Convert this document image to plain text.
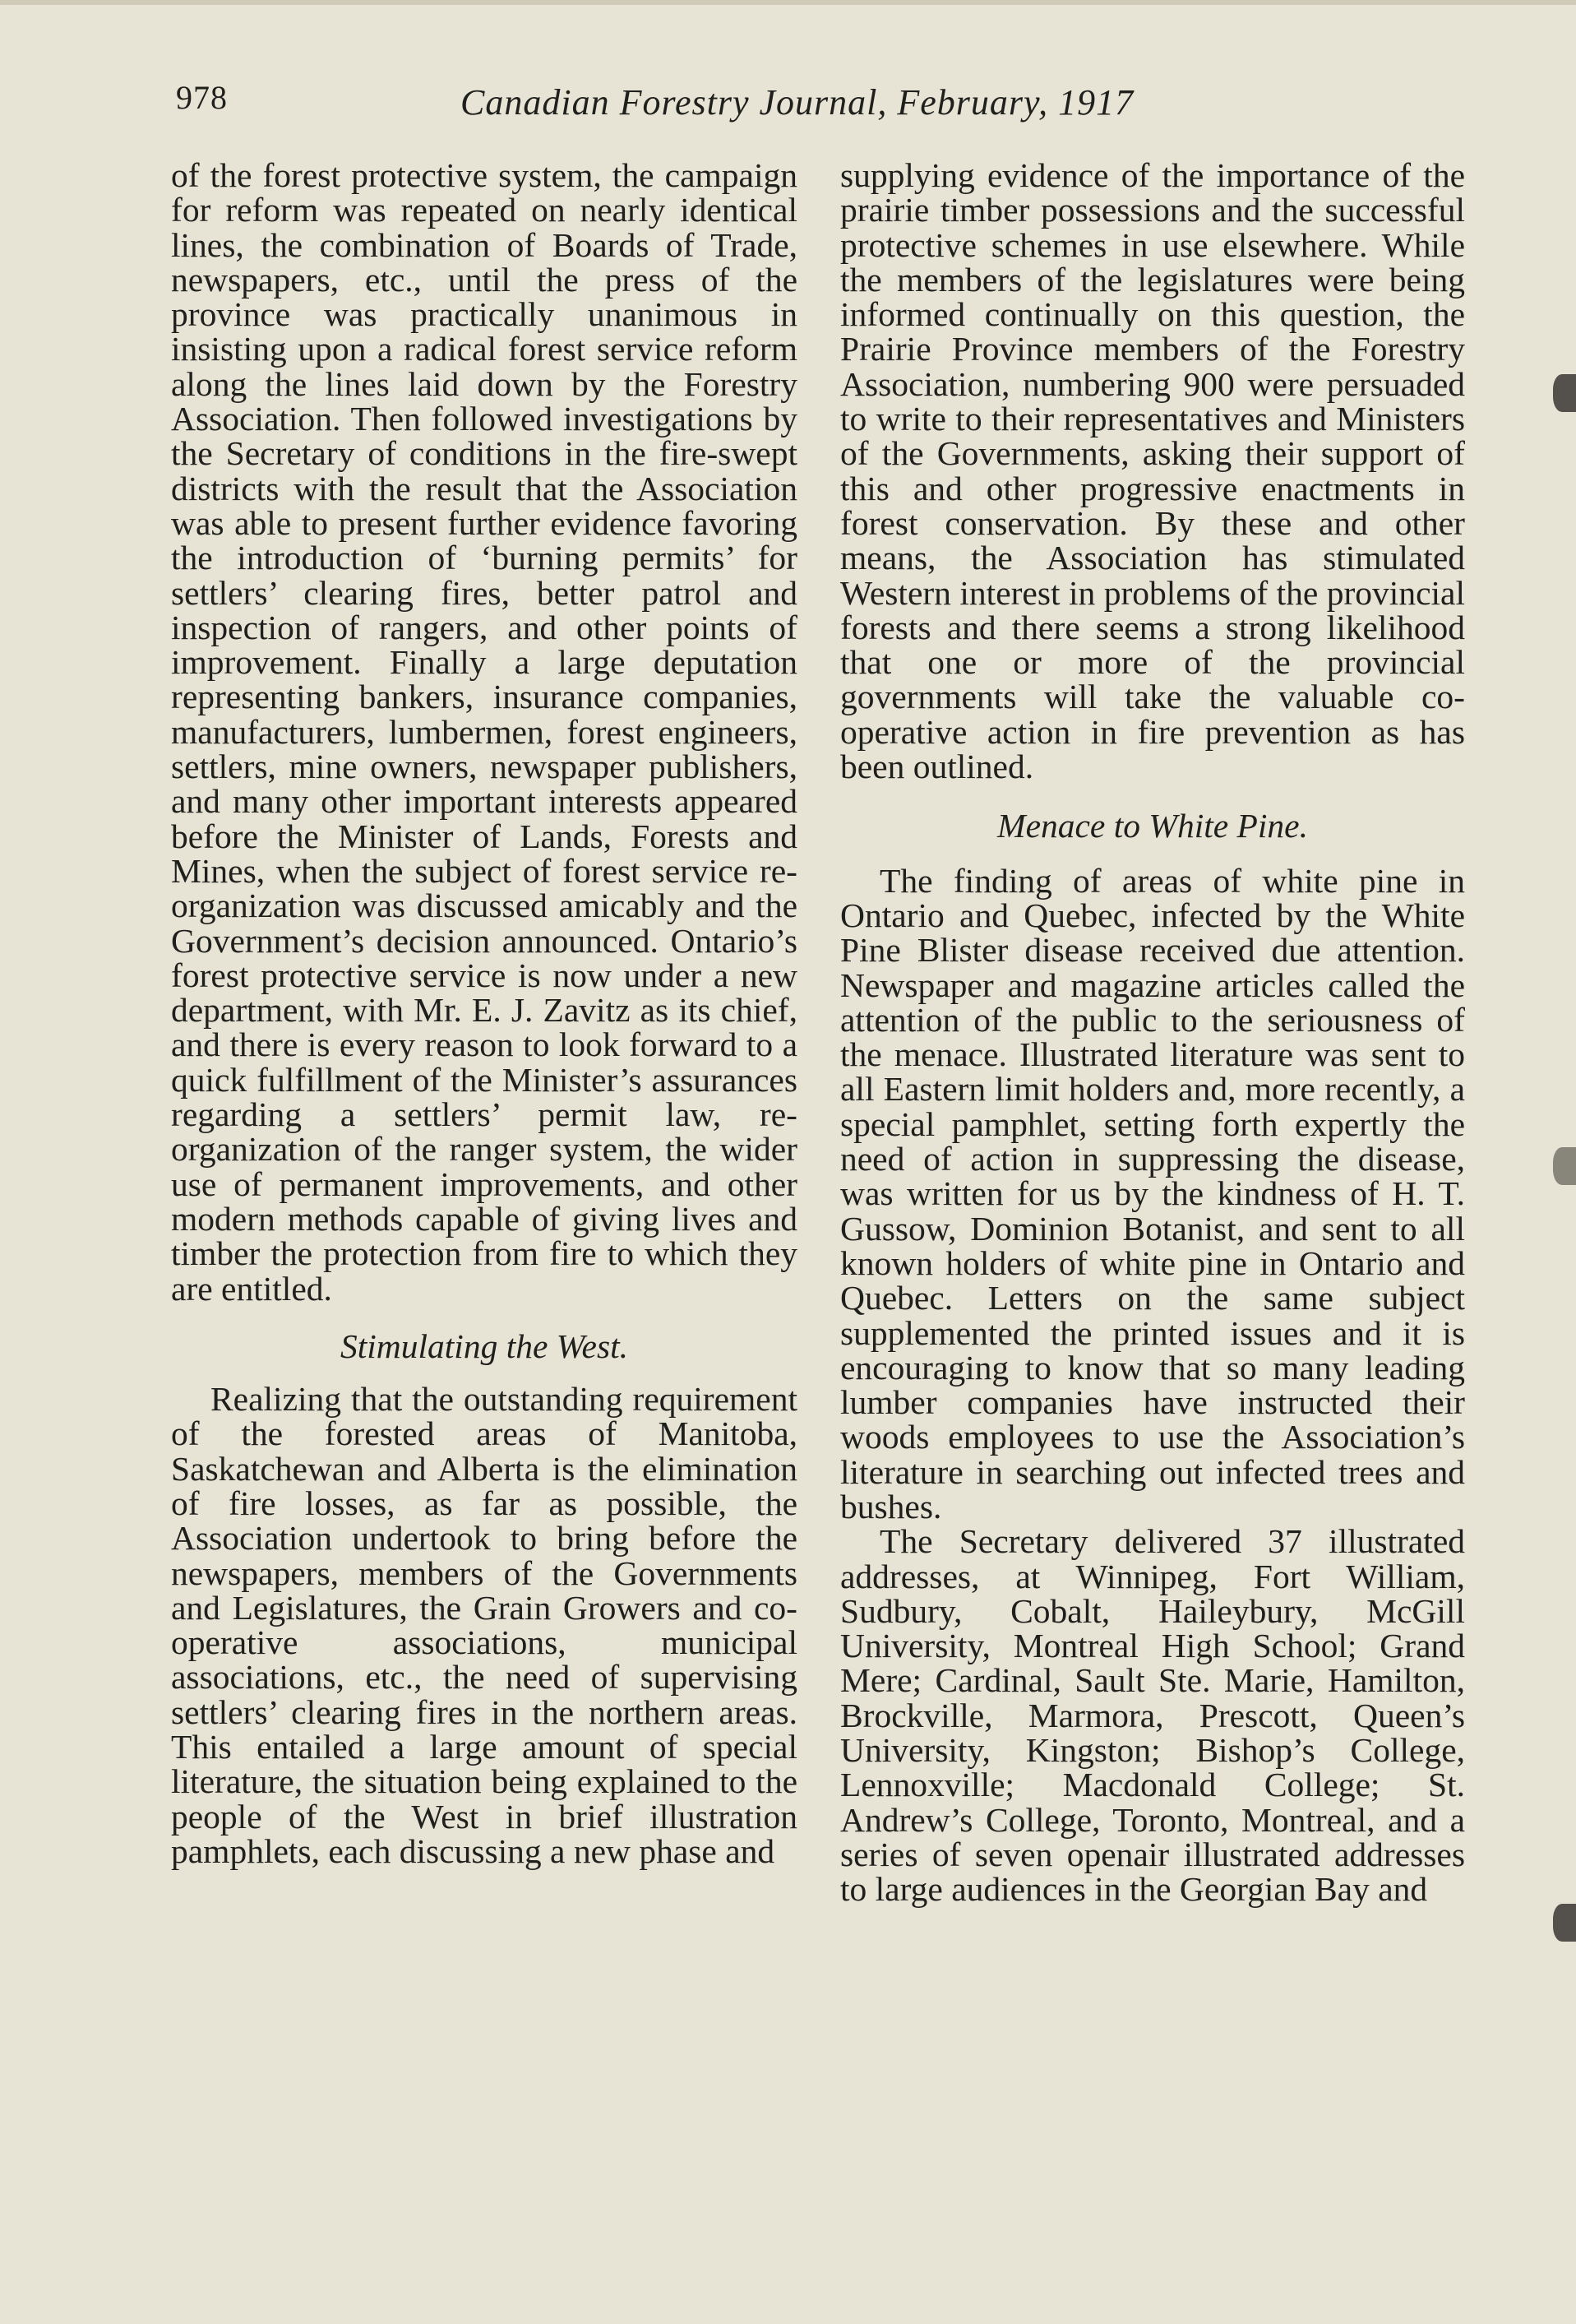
978	Canadian Forestry Journal, February, 1917

of the forest protective system, the campaign for reform was repeated on nearly identical lines, the combination of Boards of Trade, newspapers, etc., until the press of the province was practically unanimous in insisting upon a radical forest service reform along the lines laid down by the Forestry Association. Then followed investigations by the Secretary of conditions in the fire-swept districts with the result that the Association was able to present further evidence favoring the introduction of ‘burning permits’ for settlers’ clearing fires, better patrol and inspection of rangers, and other points of improvement. Finally a large deputation representing bankers, insurance companies, manufacturers, lumbermen, forest engineers, settlers, mine owners, newspaper publishers, and many other important interests appeared before the Minister of Lands, Forests and Mines, when the subject of forest service re-organization was discussed amicably and the Government’s decision announced. Ontario’s forest protective service is now under a new department, with Mr. E. J. Zavitz as its chief, and there is every reason to look forward to a quick fulfillment of the Minister’s assurances regarding a settlers’ permit law, re-organization of the ranger system, the wider use of permanent improvements, and other modern methods capable of giving lives and timber the protection from fire to which they are entitled.

Stimulating the West.

Realizing that the outstanding requirement of the forested areas of Manitoba, Saskatchewan and Alberta is the elimination of fire losses, as far as possible, the Association undertook to bring before the newspapers, members of the Governments and Legislatures, the Grain Growers and co-operative associations, municipal associations, etc., the need of supervising settlers’ clearing fires in the northern areas. This entailed a large amount of special literature, the situation being explained to the people of the West in brief illustration pamphlets, each discussing a new phase and

supplying evidence of the importance of the prairie timber possessions and the successful protective schemes in use elsewhere. While the members of the legislatures were being informed continually on this question, the Prairie Province members of the Forestry Association, numbering 900 were persuaded to write to their representatives and Ministers of the Governments, asking their support of this and other progressive enactments in forest conservation. By these and other means, the Association has stimulated Western interest in problems of the provincial forests and there seems a strong likelihood that one or more of the provincial governments will take the valuable co-operative action in fire prevention as has been outlined.

Menace to White Pine.

The finding of areas of white pine in Ontario and Quebec, infected by the White Pine Blister disease received due attention. Newspaper and magazine articles called the attention of the public to the seriousness of the menace. Illustrated literature was sent to all Eastern limit holders and, more recently, a special pamphlet, setting forth expertly the need of action in suppressing the disease, was written for us by the kindness of H. T. Gussow, Dominion Botanist, and sent to all known holders of white pine in Ontario and Quebec. Letters on the same subject supplemented the printed issues and it is encouraging to know that so many leading lumber companies have instructed their woods employees to use the Association’s literature in searching out infected trees and bushes.

The Secretary delivered 37 illustrated addresses, at Winnipeg, Fort William, Sudbury, Cobalt, Haileybury, McGill University, Montreal High School; Grand Mere; Cardinal, Sault Ste. Marie, Hamilton, Brockville, Marmora, Prescott, Queen’s University, Kingston; Bishop’s College, Lennoxville; Macdonald College; St. Andrew’s College, Toronto, Montreal, and a series of seven openair illustrated addresses to large audiences in the Georgian Bay and
